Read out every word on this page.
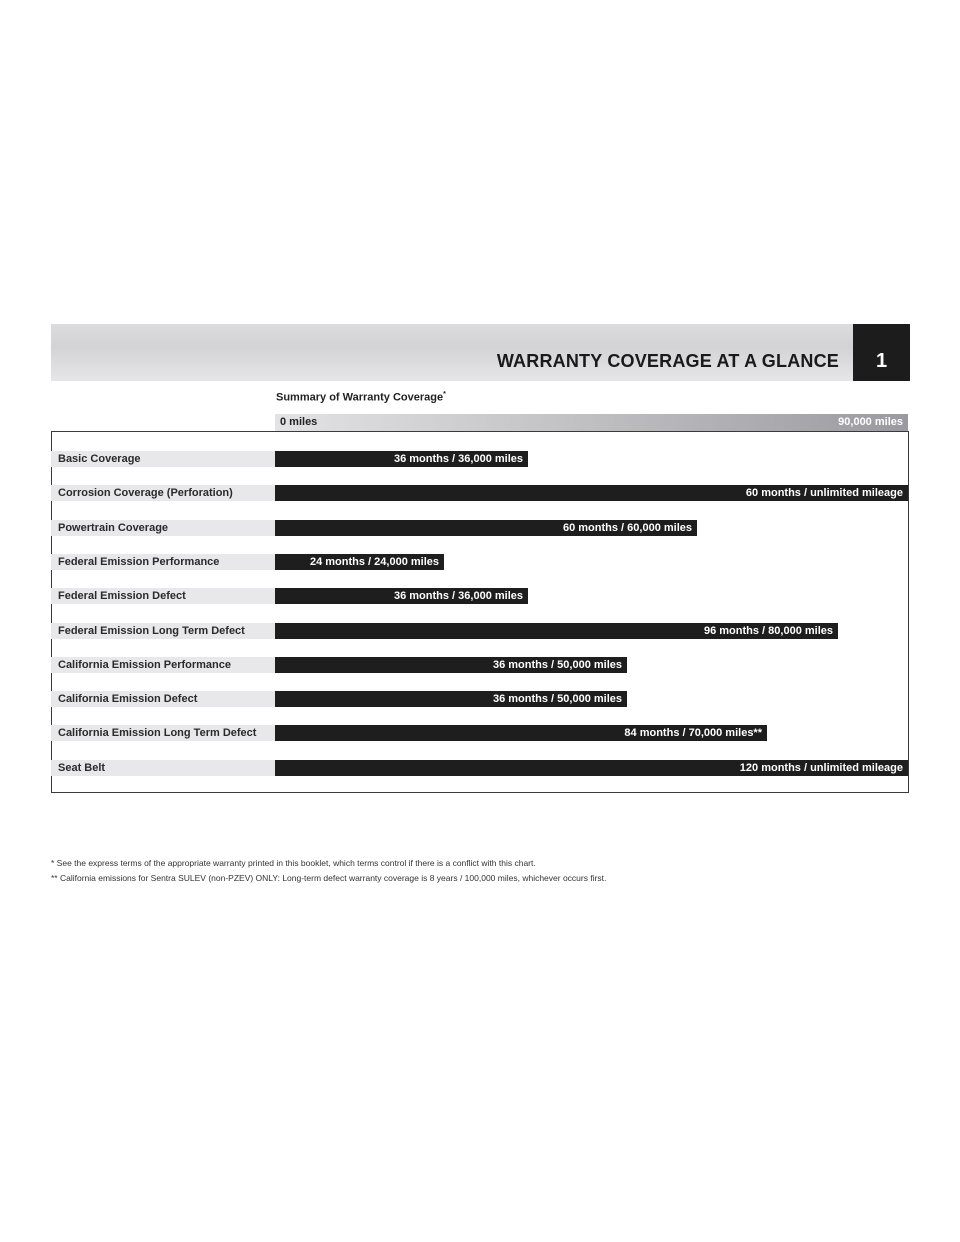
WARRANTY COVERAGE AT A GLANCE	1
Summary of Warranty Coverage*
0 miles	90,000 miles
Basic Coverage	36 months / 36,000 miles
Corrosion Coverage (Perforation)	60 months / unlimited mileage
Powertrain Coverage	60 months / 60,000 miles
Federal Emission Performance	24 months / 24,000 miles
Federal Emission Defect	36 months / 36,000 miles
Federal Emission Long Term Defect	96 months / 80,000 miles
California Emission Performance	36 months / 50,000 miles
California Emission Defect	36 months / 50,000 miles
California Emission Long Term Defect	84 months / 70,000 miles**
Seat Belt	120 months / unlimited mileage
* See the express terms of the appropriate warranty printed in this booklet, which terms control if there is a conflict with this chart.
** California emissions for Sentra SULEV (non-PZEV) ONLY: Long-term defect warranty coverage is 8 years / 100,000 miles, whichever occurs first.
